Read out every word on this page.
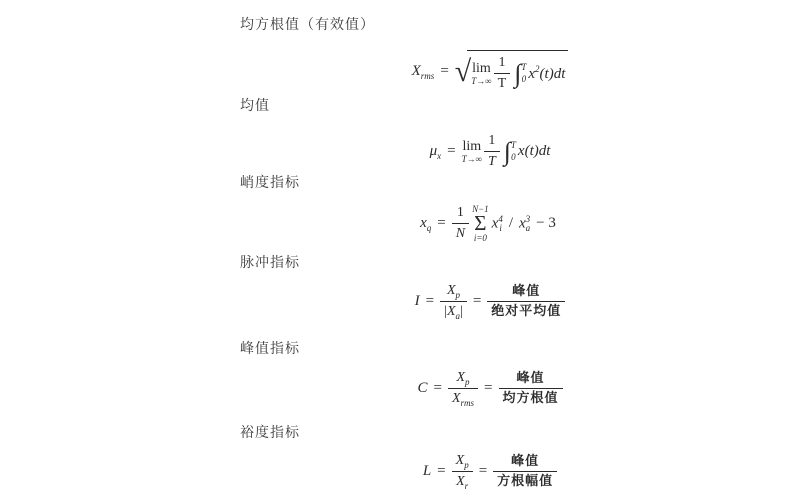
均方根值（有效值）
$X_{rms}$ = √ lim
$T\to\infty \frac{1}{T}$ ∫ T
0 $x^2(t)dt$
均值
$\mu_x = \lim$
$T\to\infty \frac{1}{T}$ ∫ T
0 x(t)dt
峭度指标
$x_q = \frac{1}{N} N-1$
Σ
i=0
x 4
i / x 3
a − 3
脉冲指标
$I = \frac{X_p}{|X_a|} = \frac{\text{峰值}}{\text{绝对平均值}}$
峰值指标
$C = \frac{X_p}{X_{rms}} = \frac{\text{峰值}}{\text{均方根值}}$
裕度指标
$L = \frac{X_p}{X_r} = \frac{\text{峰值}}{\text{方根幅值}}$
